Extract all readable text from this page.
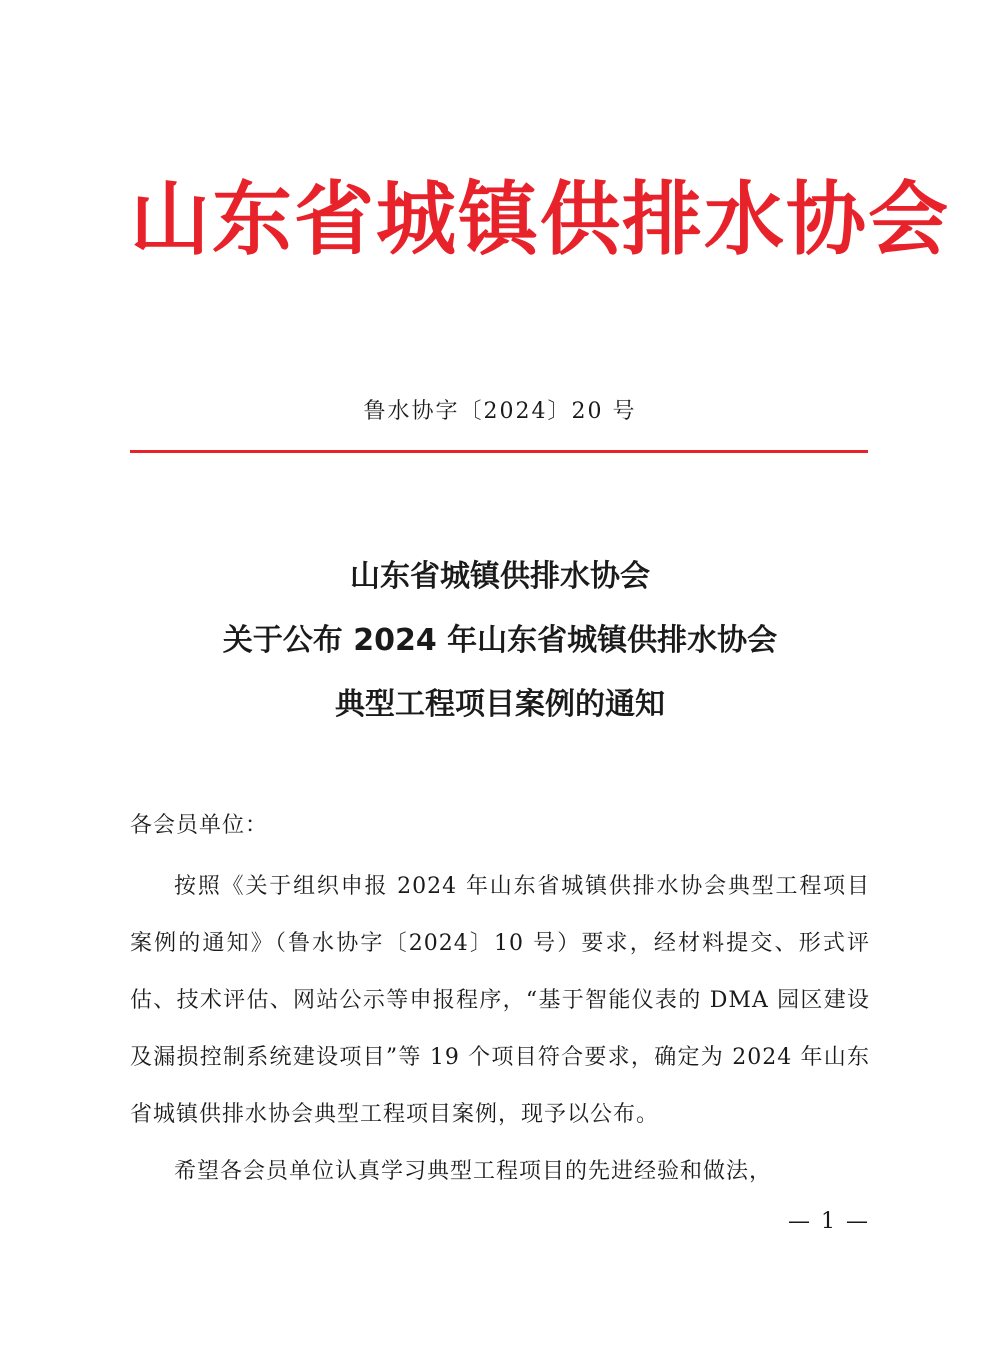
山东省城镇供排水协会
鲁水协字〔2024〕20 号
山东省城镇供排水协会
关于公布 2024 年山东省城镇供排水协会
典型工程项目案例的通知
各会员单位：

按照《关于组织申报 2024 年山东省城镇供排水协会典型工程项目案例的通知》（鲁水协字〔2024〕10 号）要求，经材料提交、形式评估、技术评估、网站公示等申报程序，“基于智能仪表的 DMA 园区建设及漏损控制系统建设项目”等 19 个项目符合要求，确定为 2024 年山东省城镇供排水协会典型工程项目案例，现予以公布。

希望各会员单位认真学习典型工程项目的先进经验和做法，

— 1 —
